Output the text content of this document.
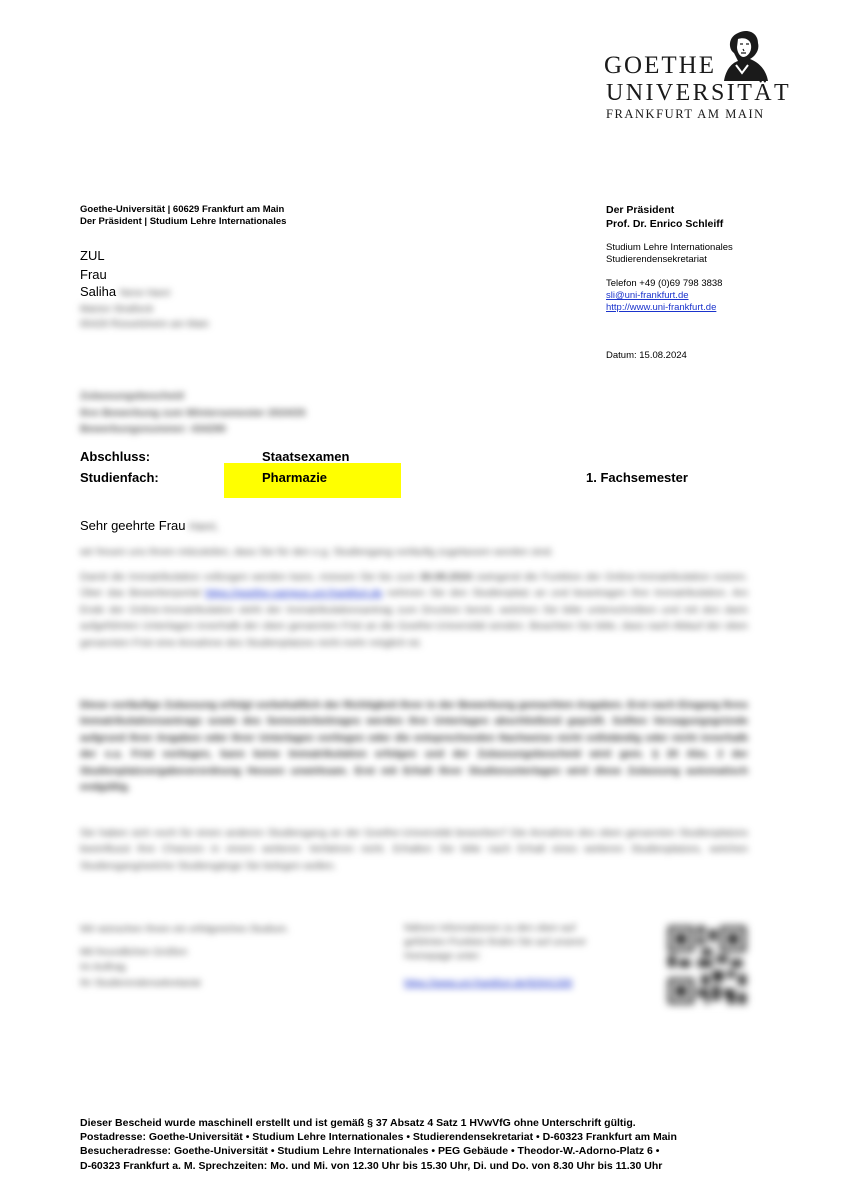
GOETHE
UNIVERSITÄT
FRANKFURT AM MAIN
Goethe-Universität | 60629 Frankfurt am Main
Der Präsident | Studium Lehre Internationales
ZUL
Frau
Saliha Nene Hanri
Marion Straßeck
65428 Rüsselsheim am Main
Der Präsident
Prof. Dr. Enrico Schleiff
Studium Lehre Internationales
Studierendensekretariat
Telefon +49 (0)69 798 3838
sli@uni-frankfurt.de
http://www.uni-frankfurt.de
Datum: 15.08.2024
Zulassungsbescheid
Ihre Bewerbung zum Wintersemester 2024/25
Bewerbungsnummer: 434290
Abschluss:	Staatsexamen
Studienfach:	Pharmazie	1. Fachsemester
Sehr geehrte Frau Hanri,
wir freuen uns Ihnen mitzuteilen, dass Sie für den o.g. Studiengang vorläufig zugelassen worden sind.
Damit die Immatrikulation vollzogen werden kann, müssen Sie bis zum 30.08.2024 zwingend die Funktion der Online-Immatrikulation nutzen. Über das Bewerberportal https://goethe-campus.uni-frankfurt.de nehmen Sie den Studienplatz an und beantragen Ihre Immatrikulation. Am Ende der Online-Immatrikulation steht der Immatrikulationsantrag zum Drucken bereit, welchen Sie bitte unterschreiben und mit den darin aufgeführten Unterlagen innerhalb der oben genannten Frist an die Goethe-Universität senden. Beachten Sie bitte, dass nach Ablauf der oben genannten Frist eine Annahme des Studienplatzes nicht mehr möglich ist.
Diese vorläufige Zulassung erfolgt vorbehaltlich der Richtigkeit Ihrer in der Bewerbung gemachten Angaben. Erst nach Eingang Ihres Immatrikulationsantrags sowie des Semesterbeitrages werden Ihre Unterlagen abschließend geprüft. Sollten Versagungsgründe aufgrund Ihrer Angaben oder Ihrer Unterlagen vorliegen oder die entsprechenden Nachweise nicht vollständig oder nicht innerhalb der o.a. Frist vorliegen, kann keine Immatrikulation erfolgen und der Zulassungsbescheid wird gem. § 20 Abs. 2 der Studienplatzvergabeverordnung Hessen unwirksam. Erst mit Erhalt Ihrer Studienunterlagen wird diese Zulassung automatisch endgültig.
Sie haben sich noch für einen anderen Studiengang an der Goethe-Universität beworben? Die Annahme des oben genannten Studienplatzes beeinflusst Ihre Chancen in einem weiteren Verfahren nicht. Erhalten Sie bitte nach Erhalt eines weiteren Studienplatzes, welchen Studiengang/welche Studiengänge Sie belegen wollen.
Wir wünschen Ihnen ein erfolgreiches Studium.
Mit freundlichen Grüßen
Im Auftrag
Ihr Studierendensekretariat
Nähere Informationen zu den oben auf
geführten Punkten finden Sie auf unserer
Homepage unter:
https://www.uni-frankfurt.de/92641330
Dieser Bescheid wurde maschinell erstellt und ist gemäß § 37 Absatz 4 Satz 1 HVwVfG ohne Unterschrift gültig.
Postadresse: Goethe-Universität • Studium Lehre Internationales • Studierendensekretariat • D-60323 Frankfurt am Main
Besucheradresse: Goethe-Universität • Studium Lehre Internationales • PEG Gebäude • Theodor-W.-Adorno-Platz 6 •
D-60323 Frankfurt a. M. Sprechzeiten: Mo. und Mi. von 12.30 Uhr bis 15.30 Uhr, Di. und Do. von 8.30 Uhr bis 11.30 Uhr
